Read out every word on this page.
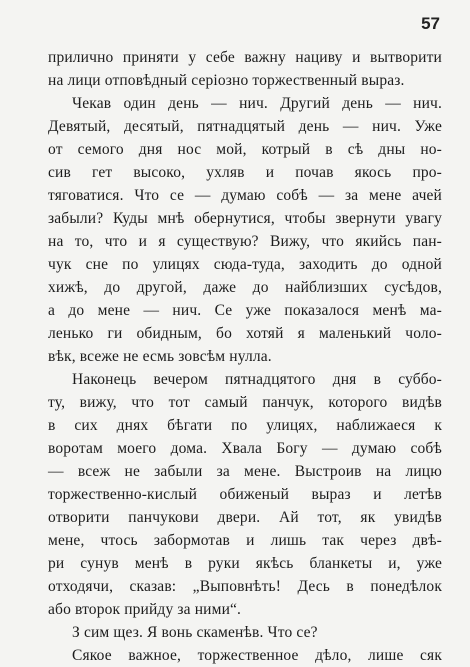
57
прилично приняти у себе важну нациву и вытворити
на лици отповѣдный серіозно торжественный выраз.
Чекав один день — нич. Другий день — нич.
Девятый, десятый, пятнадцятый день — нич. Уже
от семого дня нос мой, котрый в сѣ дны но-
сив гет высоко, ухляв и почав якось про-
тяговатися. Что се — думаю собѣ — за мене ачей
забыли? Куды мнѣ обернутися, чтобы звернути увагу
на то, что и я существую? Вижу, что якийсь пан-
чук сне по улицях сюда-туда, заходить до одной
хижѣ, до другой, даже до найблизших сусѣдов,
а до мене — нич. Се уже показалося менѣ ма-
ленько ги обидным, бо хотяй я маленький чоло-
вѣк, всеже не есмь зовсѣм нулла.
Наконець вечером пятнадцятого дня в суббо-
ту, вижу, что тот самый панчук, которого видѣв
в сих днях бѣгати по улицях, наближаеся к
воротам моего дома. Хвала Богу — думаю собѣ
— всеж не забыли за мене. Выстроив на лицю
торжественно-кислый обиженый выраз и летѣв
отворити панчукови двери. Ай тот, як увидѣв
мене, чтось забормотав и лишь так через двѣ-
ри сунув менѣ в руки якѣсь бланкеты и, уже
отходячи, сказав: „Выповнѣть! Десь в понедѣлок
або второк прийду за ними“.
З сим щез. Я вонь скаменѣв. Что се?
Сякое важное, торжественное дѣло, лише сяк
